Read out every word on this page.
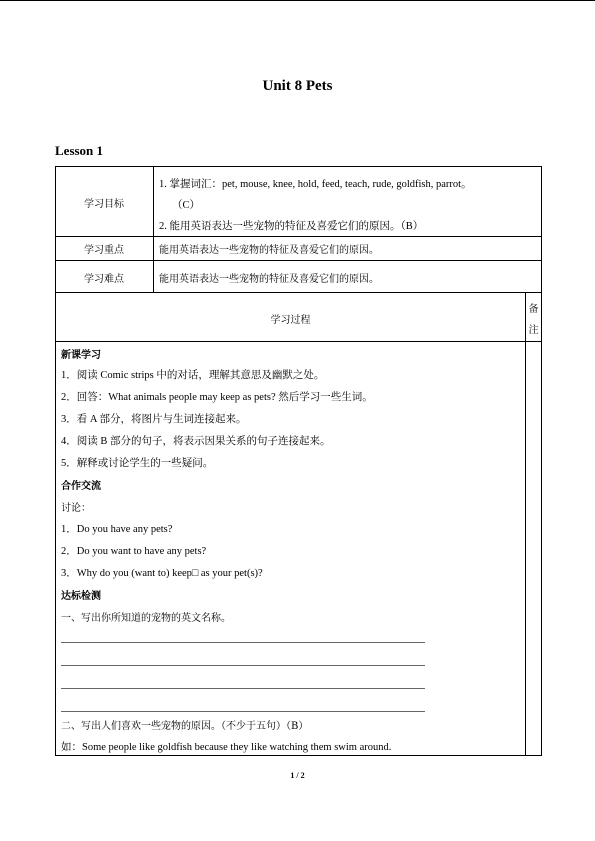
Unit 8 Pets
Lesson 1
学习目标
1. 掌握词汇：pet, mouse, knee, hold, feed, teach, rude, goldfish, parrot。
（C）
2. 能用英语表达一些宠物的特征及喜爱它们的原因。（B）
学习重点	能用英语表达一些宠物的特征及喜爱它们的原因。
学习难点	能用英语表达一些宠物的特征及喜爱它们的原因。
学习过程
备
注
新课学习
1．阅读 Comic strips 中的对话，理解其意思及幽默之处。
2．回答：What animals people may keep as pets? 然后学习一些生词。
3．看 A 部分，将图片与生词连接起来。
4．阅读 B 部分的句子，将表示因果关系的句子连接起来。
5．解释或讨论学生的一些疑问。
合作交流
讨论：
1．Do you have any pets?
2．Do you want to have any pets?
3．Why do you (want to) keep□ as your pet(s)?
达标检测
一、写出你所知道的宠物的英文名称。
二、写出人们喜欢一些宠物的原因。（不少于五句）（B）
如：Some people like goldfish because they like watching them swim around.
1 / 2
